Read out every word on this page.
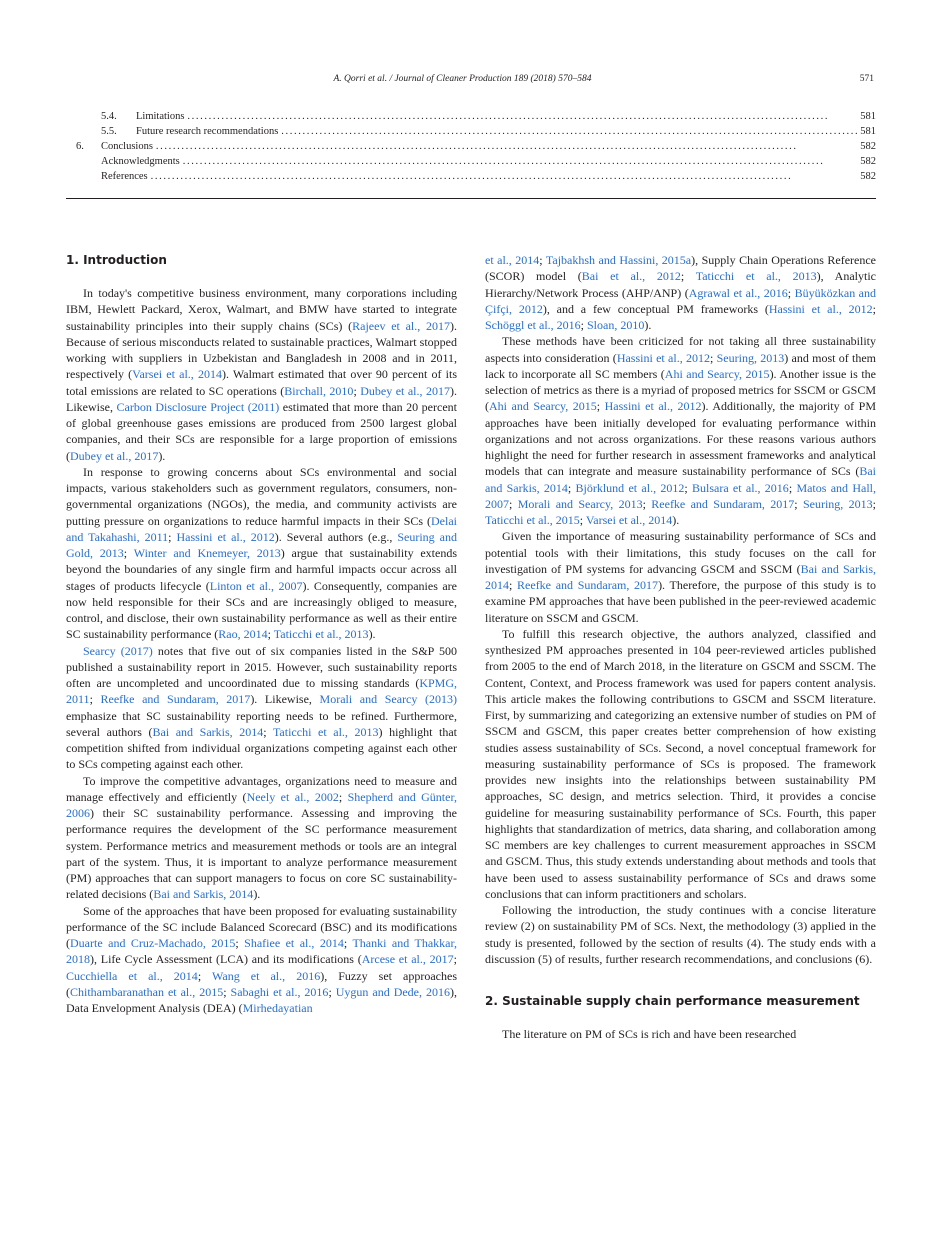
A. Qorri et al. / Journal of Cleaner Production 189 (2018) 570–584	571
5.4.	Limitations . . .	581
5.5.	Future research recommendations . . .	581
6.	Conclusions . . .	582
Acknowledgments . . .	582
References . . .	582
1. Introduction

In today's competitive business environment, many corporations including IBM, Hewlett Packard, Xerox, Walmart, and BMW have started to integrate sustainability principles into their supply chains (SCs) (Rajeev et al., 2017). Because of serious misconducts related to sustainable practices, Walmart stopped working with suppliers in Uzbekistan and Bangladesh in 2008 and in 2011, respectively (Varsei et al., 2014). Walmart estimated that over 90 percent of its total emissions are related to SC operations (Birchall, 2010; Dubey et al., 2017). Likewise, Carbon Disclosure Project (2011) estimated that more than 20 percent of global greenhouse gases emissions are produced from 2500 largest global companies, and their SCs are responsible for a large proportion of emissions (Dubey et al., 2017).

In response to growing concerns about SCs environmental and social impacts, various stakeholders such as government regulators, consumers, non-governmental organizations (NGOs), the media, and community activists are putting pressure on organizations to reduce harmful impacts in their SCs (Delai and Takahashi, 2011; Hassini et al., 2012). Several authors (e.g., Seuring and Gold, 2013; Winter and Knemeyer, 2013) argue that sustainability extends beyond the boundaries of any single firm and harmful impacts occur across all stages of products lifecycle (Linton et al., 2007). Consequently, companies are now held responsible for their SCs and are increasingly obliged to measure, control, and disclose, their own sustainability performance as well as their entire SC sustainability performance (Rao, 2014; Taticchi et al., 2013).

Searcy (2017) notes that five out of six companies listed in the S&P 500 published a sustainability report in 2015. However, such sustainability reports often are uncompleted and uncoordinated due to missing standards (KPMG, 2011; Reefke and Sundaram, 2017). Likewise, Morali and Searcy (2013) emphasize that SC sustainability reporting needs to be refined. Furthermore, several authors (Bai and Sarkis, 2014; Taticchi et al., 2013) highlight that competition shifted from individual organizations competing against each other to SCs competing against each other.

To improve the competitive advantages, organizations need to measure and manage effectively and efficiently (Neely et al., 2002; Shepherd and Günter, 2006) their SC sustainability performance. Assessing and improving the performance requires the development of the SC performance measurement system. Performance metrics and measurement methods or tools are an integral part of the system. Thus, it is important to analyze performance measurement (PM) approaches that can support managers to focus on core SC sustainability-related decisions (Bai and Sarkis, 2014).

Some of the approaches that have been proposed for evaluating sustainability performance of the SC include Balanced Scorecard (BSC) and its modifications (Duarte and Cruz-Machado, 2015; Shafiee et al., 2014; Thanki and Thakkar, 2018), Life Cycle Assessment (LCA) and its modifications (Arcese et al., 2017; Cucchiella et al., 2014; Wang et al., 2016), Fuzzy set approaches (Chithambaranathan et al., 2015; Sabaghi et al., 2016; Uygun and Dede, 2016), Data Envelopment Analysis (DEA) (Mirhedayatian

et al., 2014; Tajbakhsh and Hassini, 2015a), Supply Chain Operations Reference (SCOR) model (Bai et al., 2012; Taticchi et al., 2013), Analytic Hierarchy/Network Process (AHP/ANP) (Agrawal et al., 2016; Büyüközkan and Çifçi, 2012), and a few conceptual PM frameworks (Hassini et al., 2012; Schöggl et al., 2016; Sloan, 2010).

These methods have been criticized for not taking all three sustainability aspects into consideration (Hassini et al., 2012; Seuring, 2013) and most of them lack to incorporate all SC members (Ahi and Searcy, 2015). Another issue is the selection of metrics as there is a myriad of proposed metrics for SSCM or GSCM (Ahi and Searcy, 2015; Hassini et al., 2012). Additionally, the majority of PM approaches have been initially developed for evaluating performance within organizations and not across organizations. For these reasons various authors highlight the need for further research in assessment frameworks and analytical models that can integrate and measure sustainability performance of SCs (Bai and Sarkis, 2014; Björklund et al., 2012; Bulsara et al., 2016; Matos and Hall, 2007; Morali and Searcy, 2013; Reefke and Sundaram, 2017; Seuring, 2013; Taticchi et al., 2015; Varsei et al., 2014).

Given the importance of measuring sustainability performance of SCs and potential tools with their limitations, this study focuses on the call for investigation of PM systems for advancing GSCM and SSCM (Bai and Sarkis, 2014; Reefke and Sundaram, 2017). Therefore, the purpose of this study is to examine PM approaches that have been published in the peer-reviewed academic literature on SSCM and GSCM.

To fulfill this research objective, the authors analyzed, classified and synthesized PM approaches presented in 104 peer-reviewed articles published from 2005 to the end of March 2018, in the literature on GSCM and SSCM. The Content, Context, and Process framework was used for papers content analysis. This article makes the following contributions to GSCM and SSCM literature. First, by summarizing and categorizing an extensive number of studies on PM of SSCM and GSCM, this paper creates better comprehension of how existing studies assess sustainability of SCs. Second, a novel conceptual framework for measuring sustainability performance of SCs is proposed. The framework provides new insights into the relationships between sustainability PM approaches, SC design, and metrics selection. Third, it provides a concise guideline for measuring sustainability performance of SCs. Fourth, this paper highlights that standardization of metrics, data sharing, and collaboration among SC members are key challenges to current measurement approaches in SSCM and GSCM. Thus, this study extends understanding about methods and tools that have been used to assess sustainability performance of SCs and draws some conclusions that can inform practitioners and scholars.

Following the introduction, the study continues with a concise literature review (2) on sustainability PM of SCs. Next, the methodology (3) applied in the study is presented, followed by the section of results (4). The study ends with a discussion (5) of results, further research recommendations, and conclusions (6).

2. Sustainable supply chain performance measurement

The literature on PM of SCs is rich and have been researched
